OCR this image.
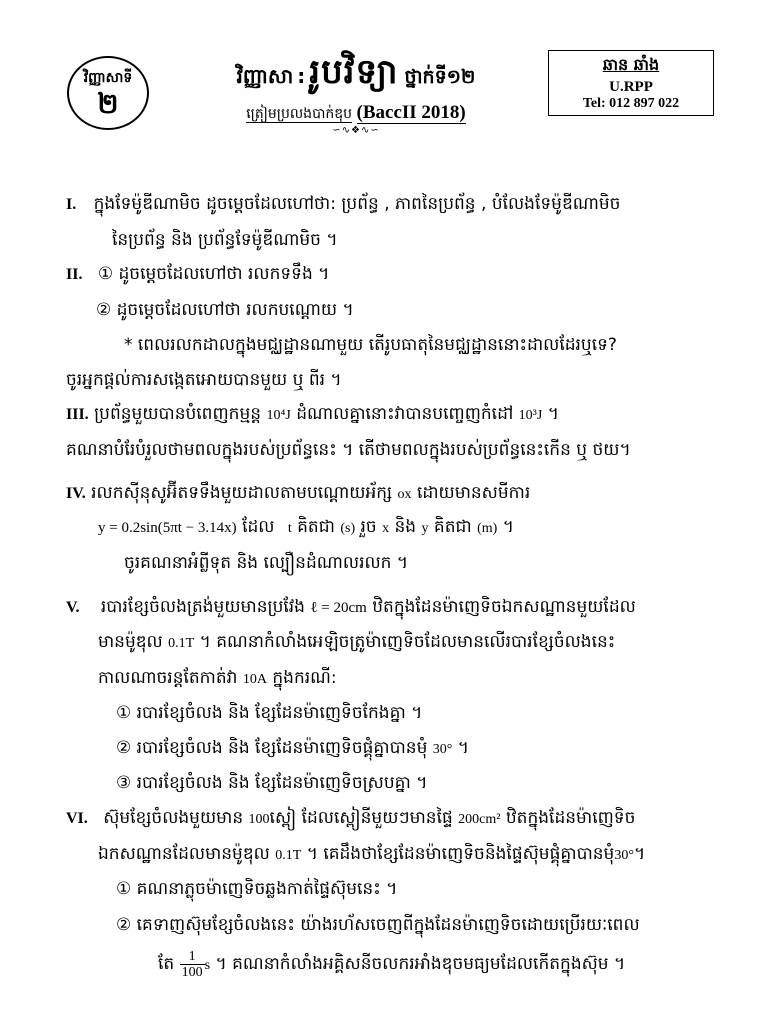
វិញ្ញាសាទី
២
វិញ្ញាសា : រូបវិទ្យា ថ្នាក់ទី១២
ត្រៀមប្រលងបាក់ឌុប (BaccII 2018)
∽∿❖∿∽
ឆាន ឆាំង
U.RPP
Tel: 012 897 022
I. ក្នុងទែម៉ូឌីណាមិច ដូចម្តេចដែលហៅថា: ប្រព័ន្ធ , ភាពនៃប្រព័ន្ធ , បំលែងទែម៉ូឌីណាមិច
នៃប្រព័ន្ធ និង ប្រព័ន្ធទែម៉ូឌីណាមិច ។
II. ① ដូចម្តេចដែលហៅថា រលកទទឹង ។
② ដូចម្តេចដែលហៅថា រលកបណ្តោយ ។
* ពេលរលកដាលក្នុងមជ្ឈដ្ឋានណាមួយ តើរូបធាតុនៃមជ្ឈដ្ឋាននោះដាលដែរឬទេ?
ចូរអ្នកផ្តល់ការសង្កេតអោយបានមួយ ឬ ពីរ ។
III. ប្រព័ន្ធមួយបានបំពេញកម្មន្ត 10⁴J ដំណាលគ្នានោះវាបានបញ្ចេញកំដៅ 10³J ។
គណនាបំរែបំរួលថាមពលក្នុងរបស់ប្រព័ន្ធនេះ ។ តើថាមពលក្នុងរបស់ប្រព័ន្ធនេះកើន ឬ ថយ។
IV. រលកស៊ីនុសូអ៊ីតទទឹងមួយដាលតាមបណ្តោយអ័ក្ស ox ដោយមានសមីការ
y = 0.2sin(5πt − 3.14x) ដែល t គិតជា (s) រួច x និង y គិតជា (m) ។
ចូរគណនាអំព្លីទុត និង ល្បឿនដំណាលរលក ។
V. របារខ្សែចំលងត្រង់មួយមានប្រវែង ℓ = 20cm ឋិតក្នុងដែនម៉ាញេទិចឯកសណ្ឋានមួយដែល
មានម៉ូឌុល 0.1T ។ គណនាកំលាំងអេឡិចត្រូម៉ាញេទិចដែលមានលើរបារខ្សែចំលងនេះ
កាលណាចរន្តតែកាត់វា 10A ក្នុងករណី:
① របារខ្សែចំលង និង ខ្សែដែនម៉ាញេទិចកែងគ្នា ។
② របារខ្សែចំលង និង ខ្សែដែនម៉ាញេទិចផ្គុំគ្នាបានមុំ 30° ។
③ របារខ្សែចំលង និង ខ្សែដែនម៉ាញេទិចស្របគ្នា ។
VI. ស៊ុមខ្សែចំលងមួយមាន 100ស្ពៀ ដែលស្ពៀនីមួយៗមានផ្ទៃ 200cm² ឋិតក្នុងដែនម៉ាញេទិច
ឯកសណ្ឋានដែលមានម៉ូឌុល 0.1T ។ គេដឹងថាខ្សែដែនម៉ាញេទិចនិងផ្ទៃស៊ុមផ្គុំគ្នាបានមុំ30°។
① គណនាភ្លុចម៉ាញេទិចឆ្លងកាត់ផ្ទៃស៊ុមនេះ ។
② គេទាញស៊ុមខ្សែចំលងនេះ យ៉ាងរហ័សចេញពីក្នុងដែនម៉ាញេទិចដោយប្រើរយៈពេល
តែ $\frac{1}{100}$ s ។ គណនាកំលាំងអគ្គិសនីចលករអាំងឌុចមធ្យមដែលកើតក្នុងស៊ុម ។
